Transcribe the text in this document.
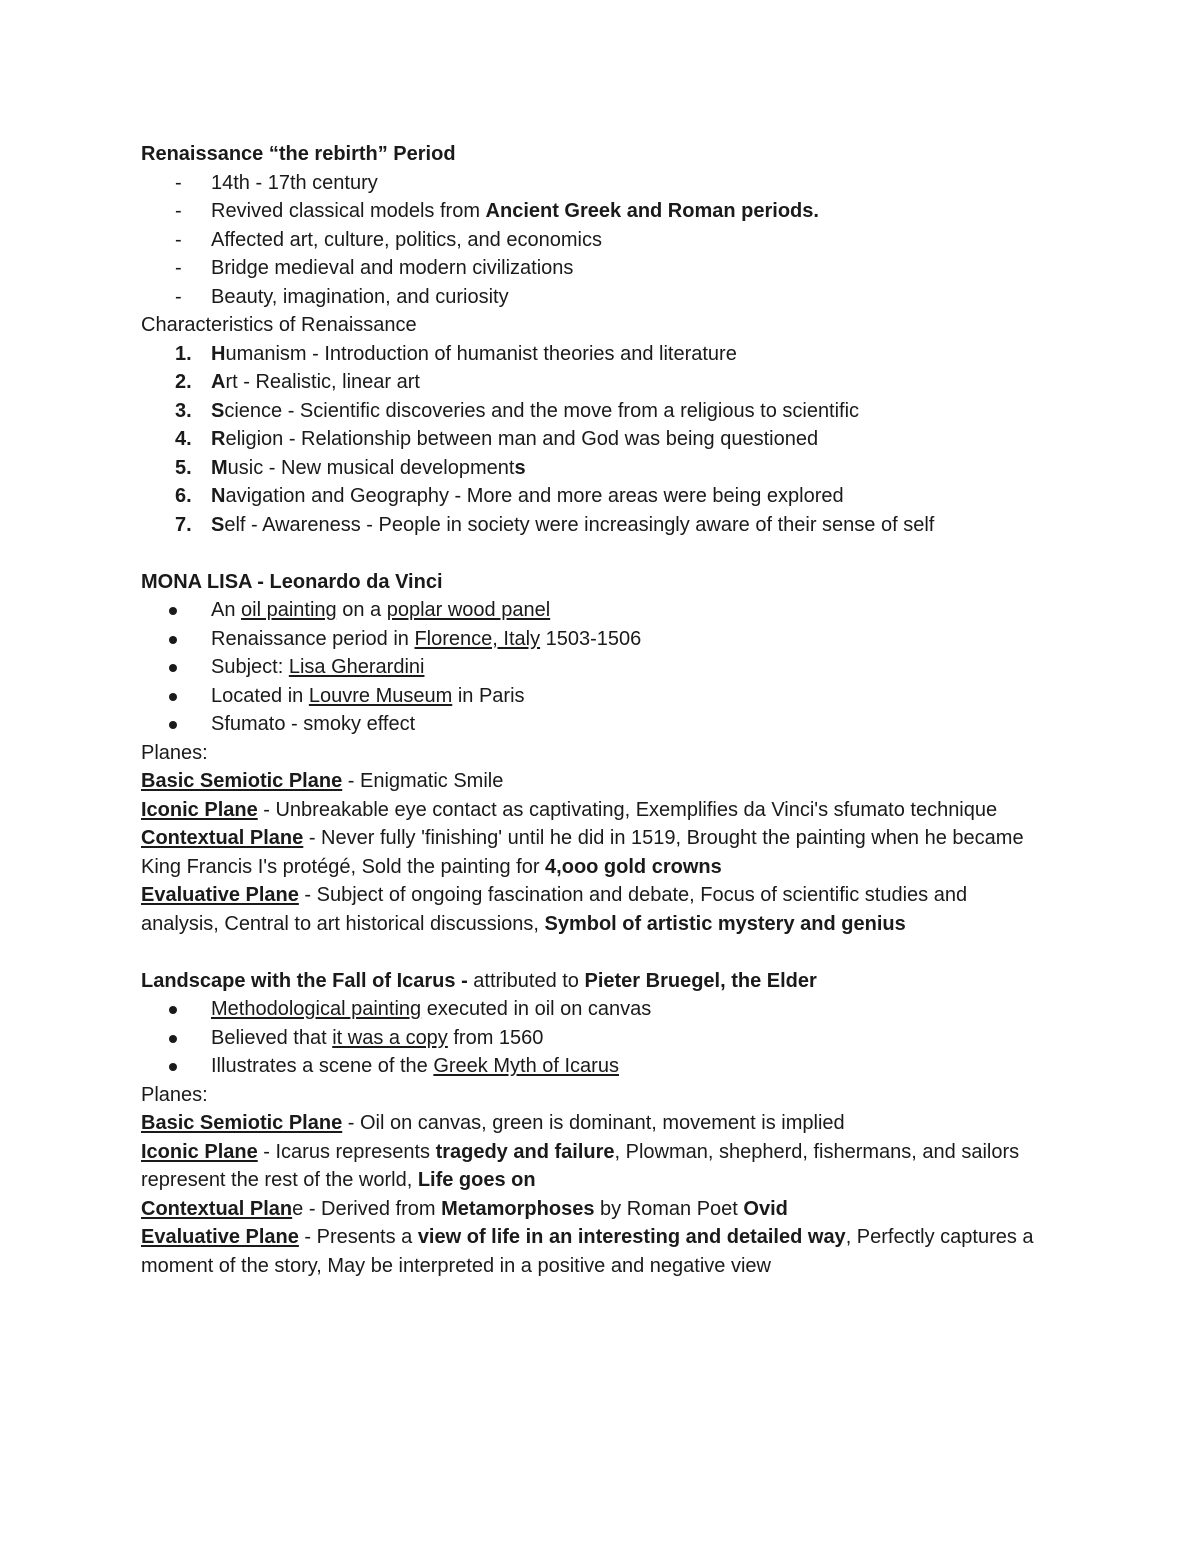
Renaissance “the rebirth” Period

- 14th - 17th century
- Revived classical models from Ancient Greek and Roman periods.
- Affected art, culture, politics, and economics
- Bridge medieval and modern civilizations
- Beauty, imagination, and curiosity

Characteristics of Renaissance

1. Humanism - Introduction of humanist theories and literature
2. Art - Realistic, linear art
3. Science - Scientific discoveries and the move from a religious to scientific
4. Religion - Relationship between man and God was being questioned
5. Music - New musical developments
6. Navigation and Geography - More and more areas were being explored
7. Self - Awareness - People in society were increasingly aware of their sense of self

MONA LISA - Leonardo da Vinci

An oil painting on a poplar wood panel
Renaissance period in Florence, Italy 1503-1506
Subject: Lisa Gherardini
Located in Louvre Museum in Paris
Sfumato - smoky effect

Planes:

Basic Semiotic Plane - Enigmatic Smile

Iconic Plane - Unbreakable eye contact as captivating, Exemplifies da Vinci's sfumato technique

Contextual Plane - Never fully 'finishing' until he did in 1519, Brought the painting when he became King Francis I's protégé, Sold the painting for 4,ooo gold crowns

Evaluative Plane - Subject of ongoing fascination and debate, Focus of scientific studies and analysis, Central to art historical discussions, Symbol of artistic mystery and genius

Landscape with the Fall of Icarus - attributed to Pieter Bruegel, the Elder

Methodological painting executed in oil on canvas
Believed that it was a copy from 1560
Illustrates a scene of the Greek Myth of Icarus

Planes:

Basic Semiotic Plane - Oil on canvas, green is dominant, movement is implied

Iconic Plane - Icarus represents tragedy and failure, Plowman, shepherd, fishermans, and sailors represent the rest of the world, Life goes on

Contextual Plane - Derived from Metamorphoses by Roman Poet Ovid

Evaluative Plane - Presents a view of life in an interesting and detailed way, Perfectly captures a moment of the story, May be interpreted in a positive and negative view
